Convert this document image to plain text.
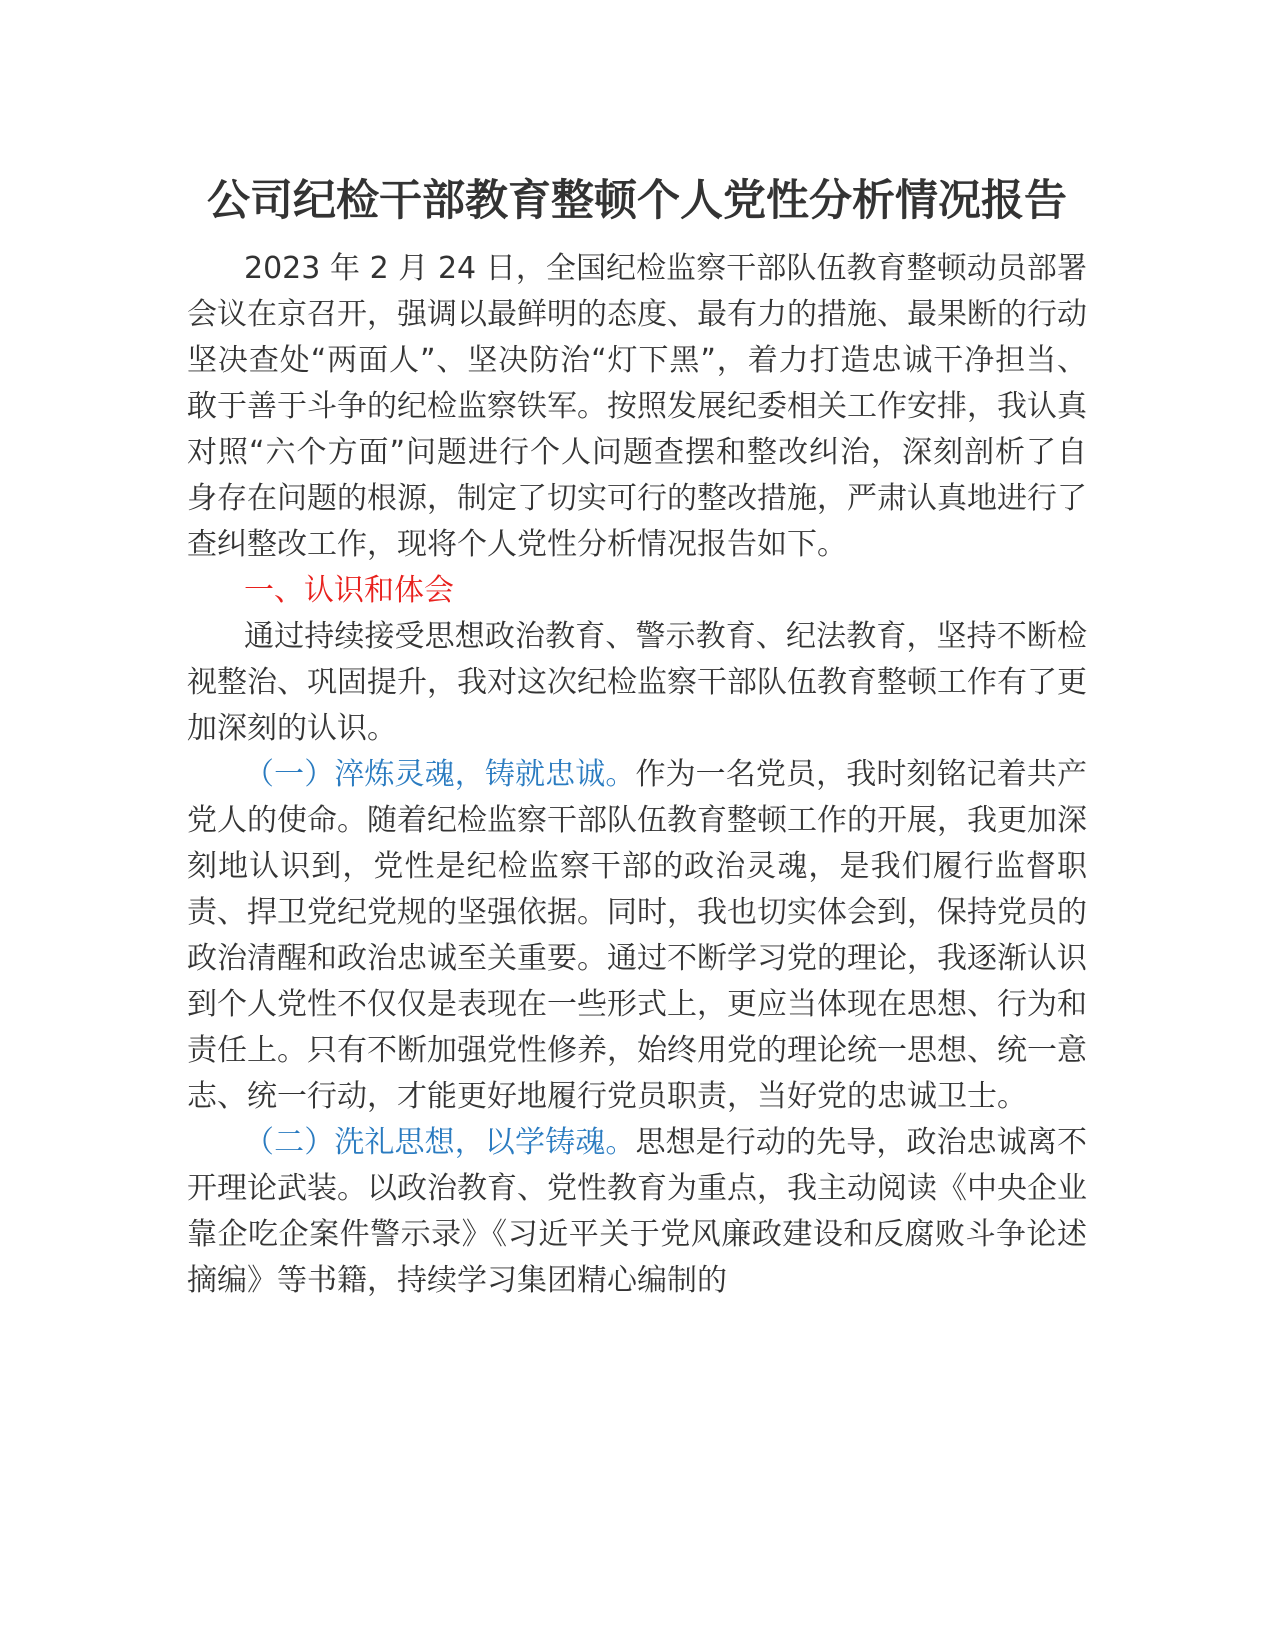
公司纪检干部教育整顿个人党性分析情况报告

2023 年 2 月 24 日，全国纪检监察干部队伍教育整顿动员部署会议在京召开，强调以最鲜明的态度、最有力的措施、最果断的行动坚决查处“两面人”、坚决防治“灯下黑”，着力打造忠诚干净担当、敢于善于斗争的纪检监察铁军。按照发展纪委相关工作安排，我认真对照“六个方面”问题进行个人问题查摆和整改纠治，深刻剖析了自身存在问题的根源，制定了切实可行的整改措施，严肃认真地进行了查纠整改工作，现将个人党性分析情况报告如下。

一、认识和体会

通过持续接受思想政治教育、警示教育、纪法教育，坚持不断检视整治、巩固提升，我对这次纪检监察干部队伍教育整顿工作有了更加深刻的认识。

（一）淬炼灵魂，铸就忠诚。作为一名党员，我时刻铭记着共产党人的使命。随着纪检监察干部队伍教育整顿工作的开展，我更加深刻地认识到，党性是纪检监察干部的政治灵魂，是我们履行监督职责、捍卫党纪党规的坚强依据。同时，我也切实体会到，保持党员的政治清醒和政治忠诚至关重要。通过不断学习党的理论，我逐渐认识到个人党性不仅仅是表现在一些形式上，更应当体现在思想、行为和责任上。只有不断加强党性修养，始终用党的理论统一思想、统一意志、统一行动，才能更好地履行党员职责，当好党的忠诚卫士。

（二）洗礼思想，以学铸魂。思想是行动的先导，政治忠诚离不开理论武装。以政治教育、党性教育为重点，我主动阅读《中央企业靠企吃企案件警示录》《习近平关于党风廉政建设和反腐败斗争论述摘编》等书籍，持续学习集团精心编制的
